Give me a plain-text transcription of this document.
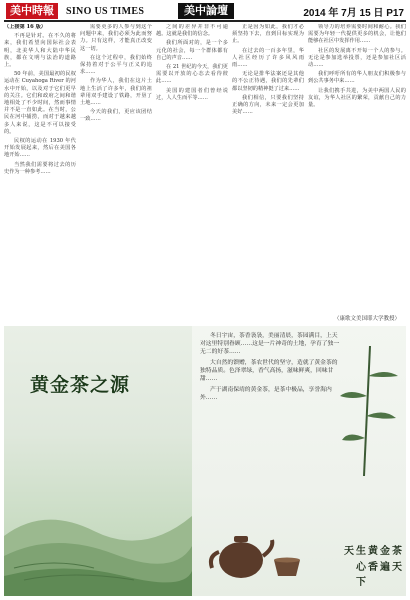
美中時報	SINO US TIMES	美中論壇	2014 年 7月 15 日 P17

（上接第 16 版）

不再是针对。在不久的将来，我们希望向国际社会表明，北美华人和大陆中华民族，都在文明与法治的道路上。

50 年前，美国最初的民权运动在 Cuyahoga River 的河水中开始，以及对于它们更早的关注。它们和政府之间和谐地相处了不少时间，然而事情并不是一直如此。在当时，公民在河中捕捞，而对于越来越多人来说，这是不可以接受的。

民权的运动在 1930 年代开始发展起来，然后在美国各地开始……

当然我们需要将过去的历史作为一种参考……

需要更多的人参与到这个问题中来，我们必须为此而努力。只有这样，才能真正改变这一切。

在这个过程中，我们始终保持着对于公平与正义的追求……

作为华人，我们在这片土地上生活了许多年，我们的祖辈用双手建设了铁路，开垦了土地……

今天的我们，更应该团结一致……

之间的差异并非不可逾越。这就是我们的信念。

我们所面对的，是一个多元化的社会，每一个群体都有自己的声音……

在 21 世纪的今天，我们更需要以开放的心态去看待彼此……

美国的建国者们曾经说过，人人生而平等……

正是因为如此，我们才必须坚持下去，直到目标实现为止。

在过去的一百多年里，华人社区经历了许多风风雨雨……

无论是排华法案还是其他的不公正待遇，我们的先辈们都以坚韧的精神挺了过来……

我们相信，只要我们坚持正确的方向，未来一定会更加美好……

领导力的培养需要时间和耐心。我们需要为年轻一代提供更多的机会，让他们能够在社区中发挥作用……

社区的发展离不开每一个人的参与。无论是参加选举投票，还是参加社区活动……

我们呼吁所有的华人朋友们积极参与到公共事务中来……

让我们携手共进，为美中两国人民的友谊，为华人社区的繁荣，贡献自己的力量。

（康歌文美国耶大学教授）
黄金茶之源

冬日宇宙，茶香袅袅，美丽清晨，茶园满目，上天对这里特别眷顾……这是一片神奇的土地，孕育了独一无二的好茶……

大自然的馈赠，茶农世代的坚守，造就了黄金茶的独特品质。色泽翠绿，香气高扬，滋味鲜爽，回味甘甜……

产于湖南保靖的黄金茶，是茶中极品，享誉海内外……

天生黄金茶
心香遍天下
